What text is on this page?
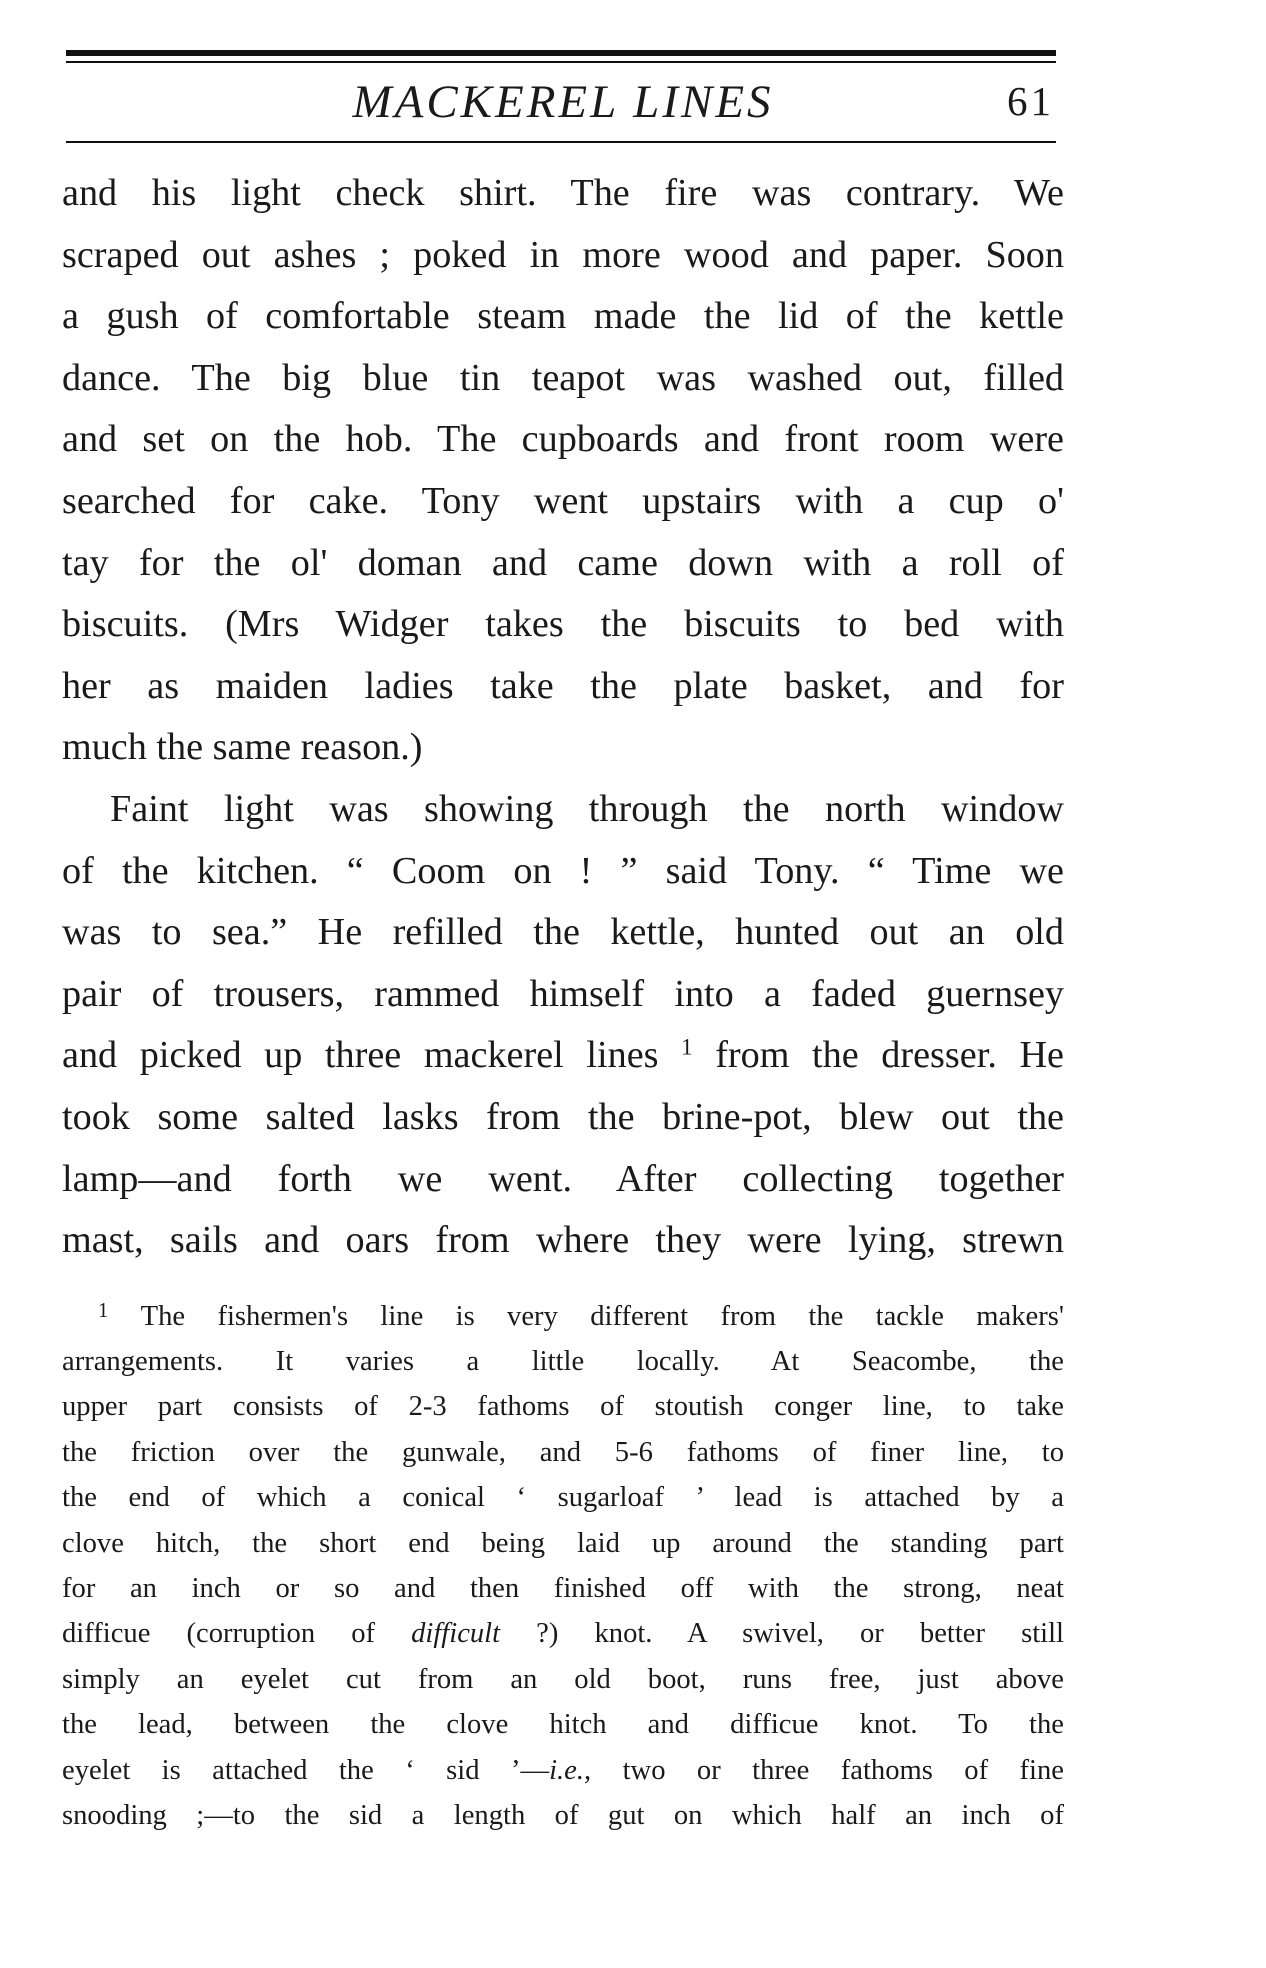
MACKEREL LINES	61
and his light check shirt. The fire was contrary. We
scraped out ashes ; poked in more wood and paper. Soon
a gush of comfortable steam made the lid of the kettle
dance. The big blue tin teapot was washed out, filled
and set on the hob. The cupboards and front room were
searched for cake. Tony went upstairs with a cup o'
tay for the ol' doman and came down with a roll of
biscuits. (Mrs Widger takes the biscuits to bed with
her as maiden ladies take the plate basket, and for
much the same reason.)
Faint light was showing through the north window
of the kitchen. “ Coom on ! ” said Tony. “ Time we
was to sea.” He refilled the kettle, hunted out an old
pair of trousers, rammed himself into a faded guernsey
and picked up three mackerel lines $^1$ from the dresser. He
took some salted lasks from the brine-pot, blew out the
lamp—and forth we went. After collecting together
mast, sails and oars from where they were lying, strewn
$^1$ The fishermen's line is very different from the tackle makers'
arrangements. It varies a little locally. At Seacombe, the
upper part consists of 2-3 fathoms of stoutish conger line, to take
the friction over the gunwale, and 5-6 fathoms of finer line, to
the end of which a conical ‘ sugarloaf ’ lead is attached by a
clove hitch, the short end being laid up around the standing part
for an inch or so and then finished off with the strong, neat
difficue (corruption of difficult ?) knot. A swivel, or better still
simply an eyelet cut from an old boot, runs free, just above
the lead, between the clove hitch and difficue knot. To the
eyelet is attached the ‘ sid ’—i.e., two or three fathoms of fine
snooding ;—to the sid a length of gut on which half an inch of
